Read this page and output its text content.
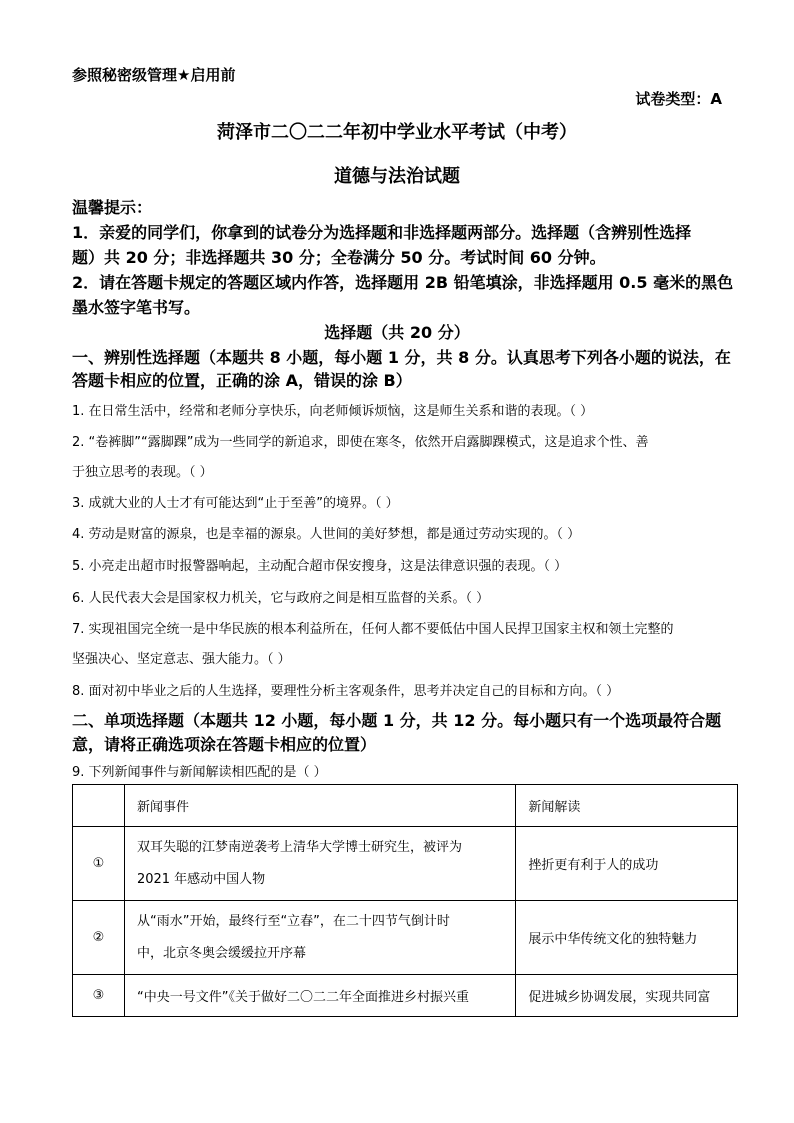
参照秘密级管理★启用前
试卷类型：A
菏泽市二〇二二年初中学业水平考试（中考）
道德与法治试题
温馨提示：
1．亲爱的同学们，你拿到的试卷分为选择题和非选择题两部分。选择题（含辨别性选择
题）共 20 分；非选择题共 30 分；全卷满分 50 分。考试时间 60 分钟。
2．请在答题卡规定的答题区域内作答，选择题用 2B 铅笔填涂，非选择题用 0.5 毫米的黑色
墨水签字笔书写。
选择题（共 20 分）
一、辨别性选择题（本题共 8 小题，每小题 1 分，共 8 分。认真思考下列各小题的说法，在
答题卡相应的位置，正确的涂 A，错误的涂 B）
1. 在日常生活中，经常和老师分享快乐，向老师倾诉烦恼，这是师生关系和谐的表现。（ ）
2. “卷裤脚”“露脚踝”成为一些同学的新追求，即使在寒冬，依然开启露脚踝模式，这是追求个性、善
于独立思考的表现。（ ）
3. 成就大业的人士才有可能达到“止于至善”的境界。（ ）
4. 劳动是财富的源泉，也是幸福的源泉。人世间的美好梦想，都是通过劳动实现的。（ ）
5. 小亮走出超市时报警器响起，主动配合超市保安搜身，这是法律意识强的表现。（ ）
6. 人民代表大会是国家权力机关，它与政府之间是相互监督的关系。（ ）
7. 实现祖国完全统一是中华民族的根本利益所在，任何人都不要低估中国人民捍卫国家主权和领土完整的
坚强决心、坚定意志、强大能力。（ ）
8. 面对初中毕业之后的人生选择，要理性分析主客观条件，思考并决定自己的目标和方向。（ ）
二、单项选择题（本题共 12 小题，每小题 1 分，共 12 分。每小题只有一个选项最符合题
意，请将正确选项涂在答题卡相应的位置）
9. 下列新闻事件与新闻解读相匹配的是（ ）
	新闻事件	新闻解读
①	双耳失聪的江梦南逆袭考上清华大学博士研究生，被评为
2021 年感动中国人物	挫折更有利于人的成功
②	从“雨水”开始，最终行至“立春”，在二十四节气倒计时
中，北京冬奥会缓缓拉开序幕	展示中华传统文化的独特魅力
③	“中央一号文件”《关于做好二〇二二年全面推进乡村振兴重	促进城乡协调发展，实现共同富
